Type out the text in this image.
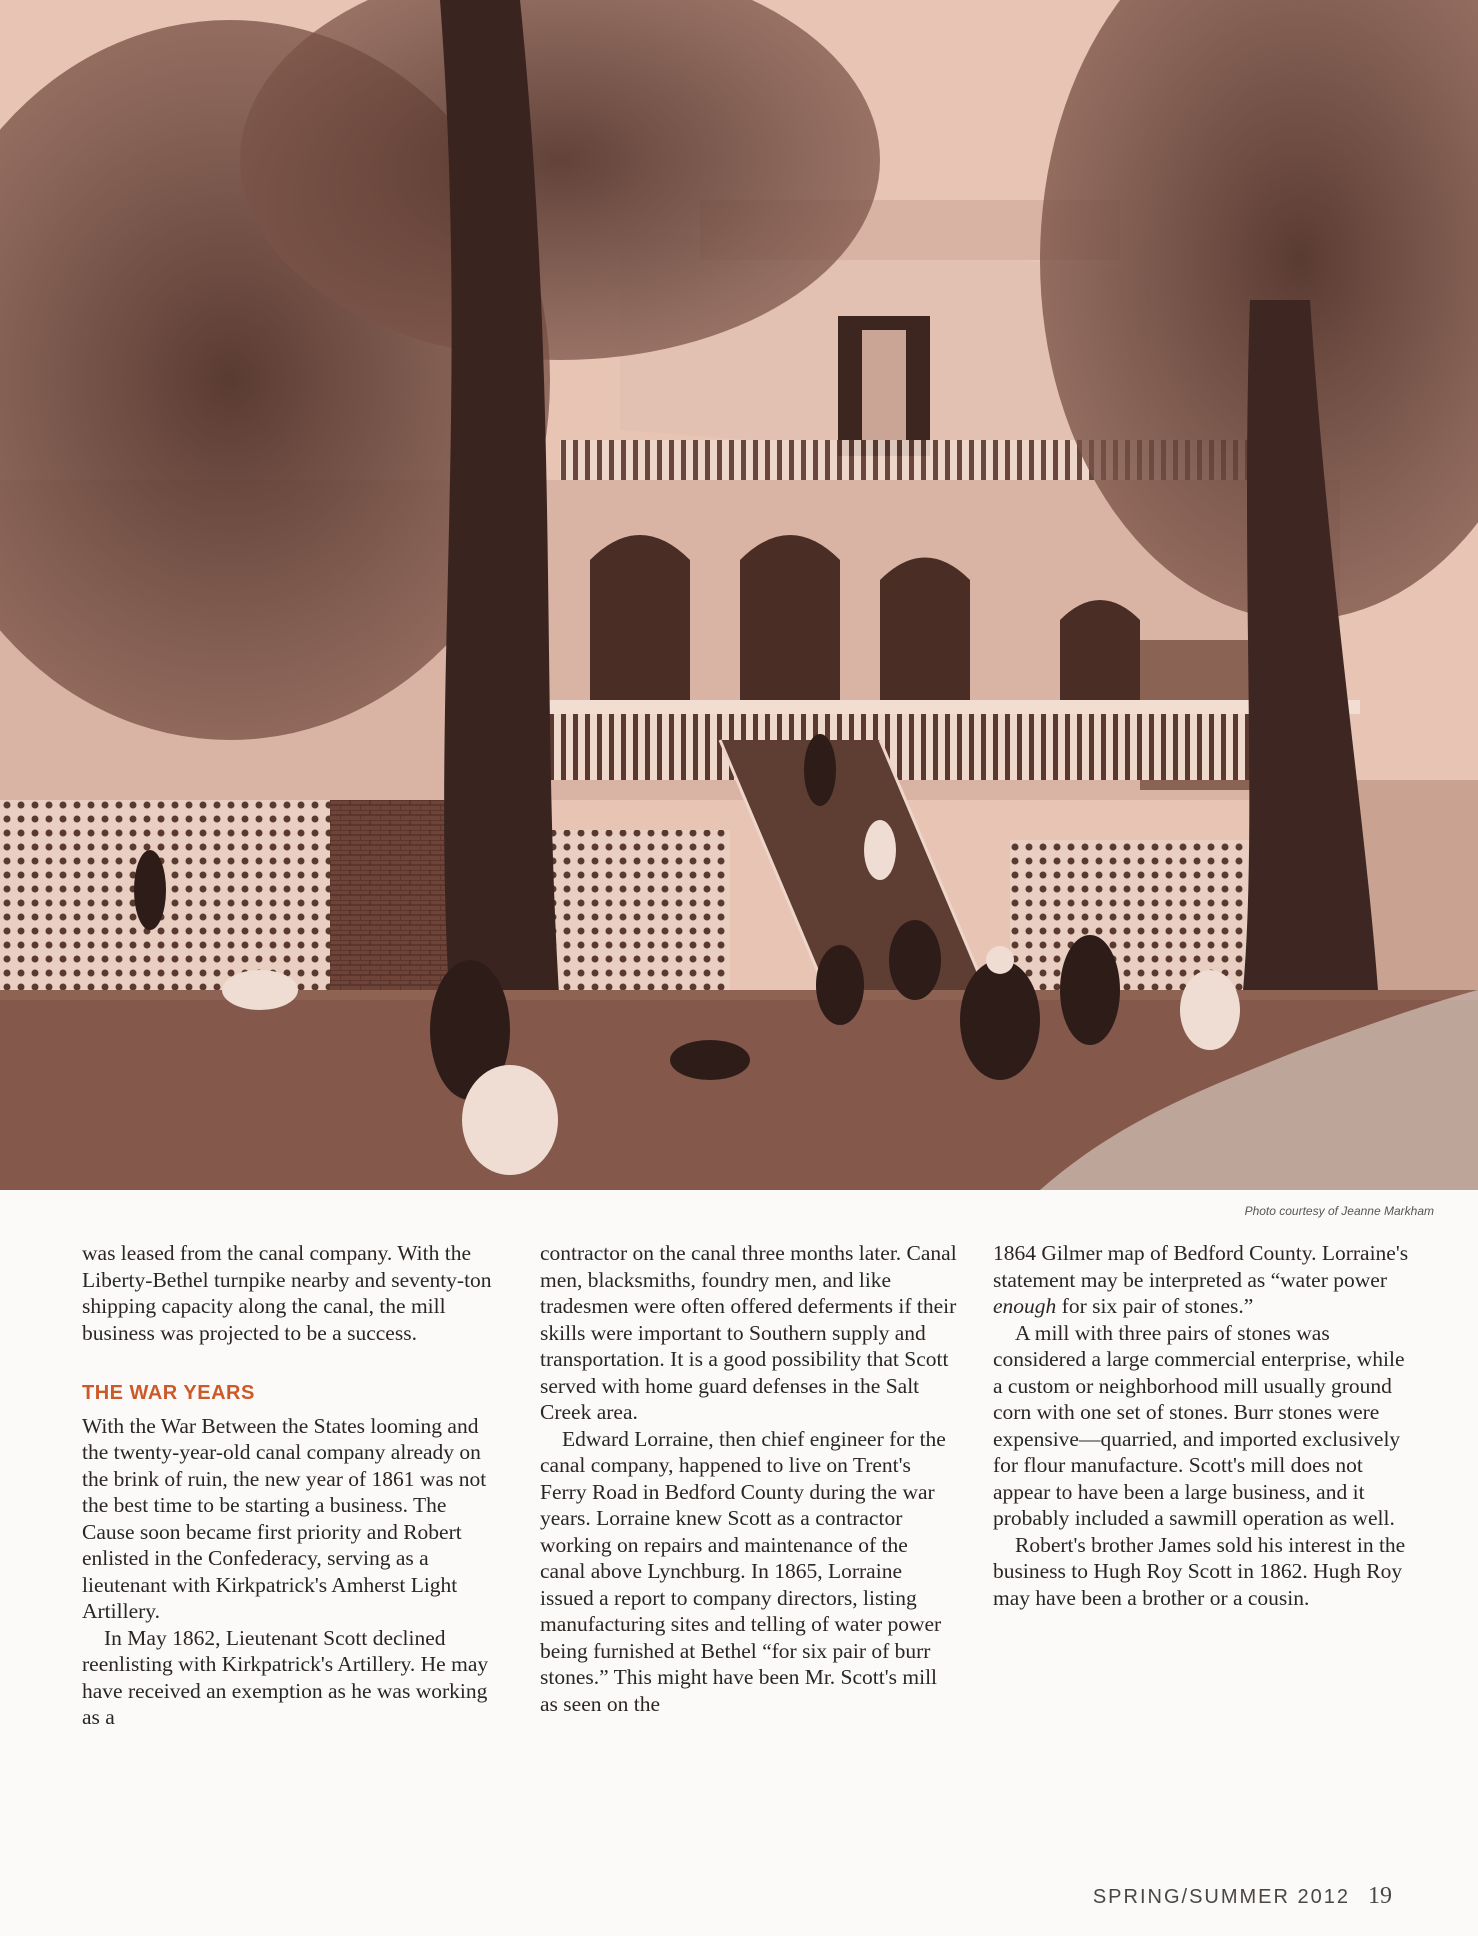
Photo courtesy of Jeanne Markham

was leased from the canal company. With the Liberty-Bethel turnpike nearby and seventy-ton shipping capacity along the canal, the mill business was projected to be a success.

THE WAR YEARS

With the War Between the States looming and the twenty-year-old canal company already on the brink of ruin, the new year of 1861 was not the best time to be starting a business. The Cause soon became first priority and Robert enlisted in the Confederacy, serving as a lieutenant with Kirkpatrick's Amherst Light Artillery.

In May 1862, Lieutenant Scott declined reenlisting with Kirkpatrick's Artillery. He may have received an exemption as he was working as a

contractor on the canal three months later. Canal men, blacksmiths, foundry men, and like tradesmen were often offered deferments if their skills were important to Southern supply and transportation. It is a good possibility that Scott served with home guard defenses in the Salt Creek area.

Edward Lorraine, then chief engineer for the canal company, happened to live on Trent's Ferry Road in Bedford County during the war years. Lorraine knew Scott as a contractor working on repairs and maintenance of the canal above Lynchburg. In 1865, Lorraine issued a report to company directors, listing manufacturing sites and telling of water power being furnished at Bethel “for six pair of burr stones.” This might have been Mr. Scott's mill as seen on the

1864 Gilmer map of Bedford County. Lorraine's statement may be interpreted as “water power enough for six pair of stones.”

A mill with three pairs of stones was considered a large commercial enterprise, while a custom or neighborhood mill usually ground corn with one set of stones. Burr stones were expensive—quarried, and imported exclusively for flour manufacture. Scott's mill does not appear to have been a large business, and it probably included a sawmill operation as well.

Robert's brother James sold his interest in the business to Hugh Roy Scott in 1862. Hugh Roy may have been a brother or a cousin.

SPRING/SUMMER 2012 19
